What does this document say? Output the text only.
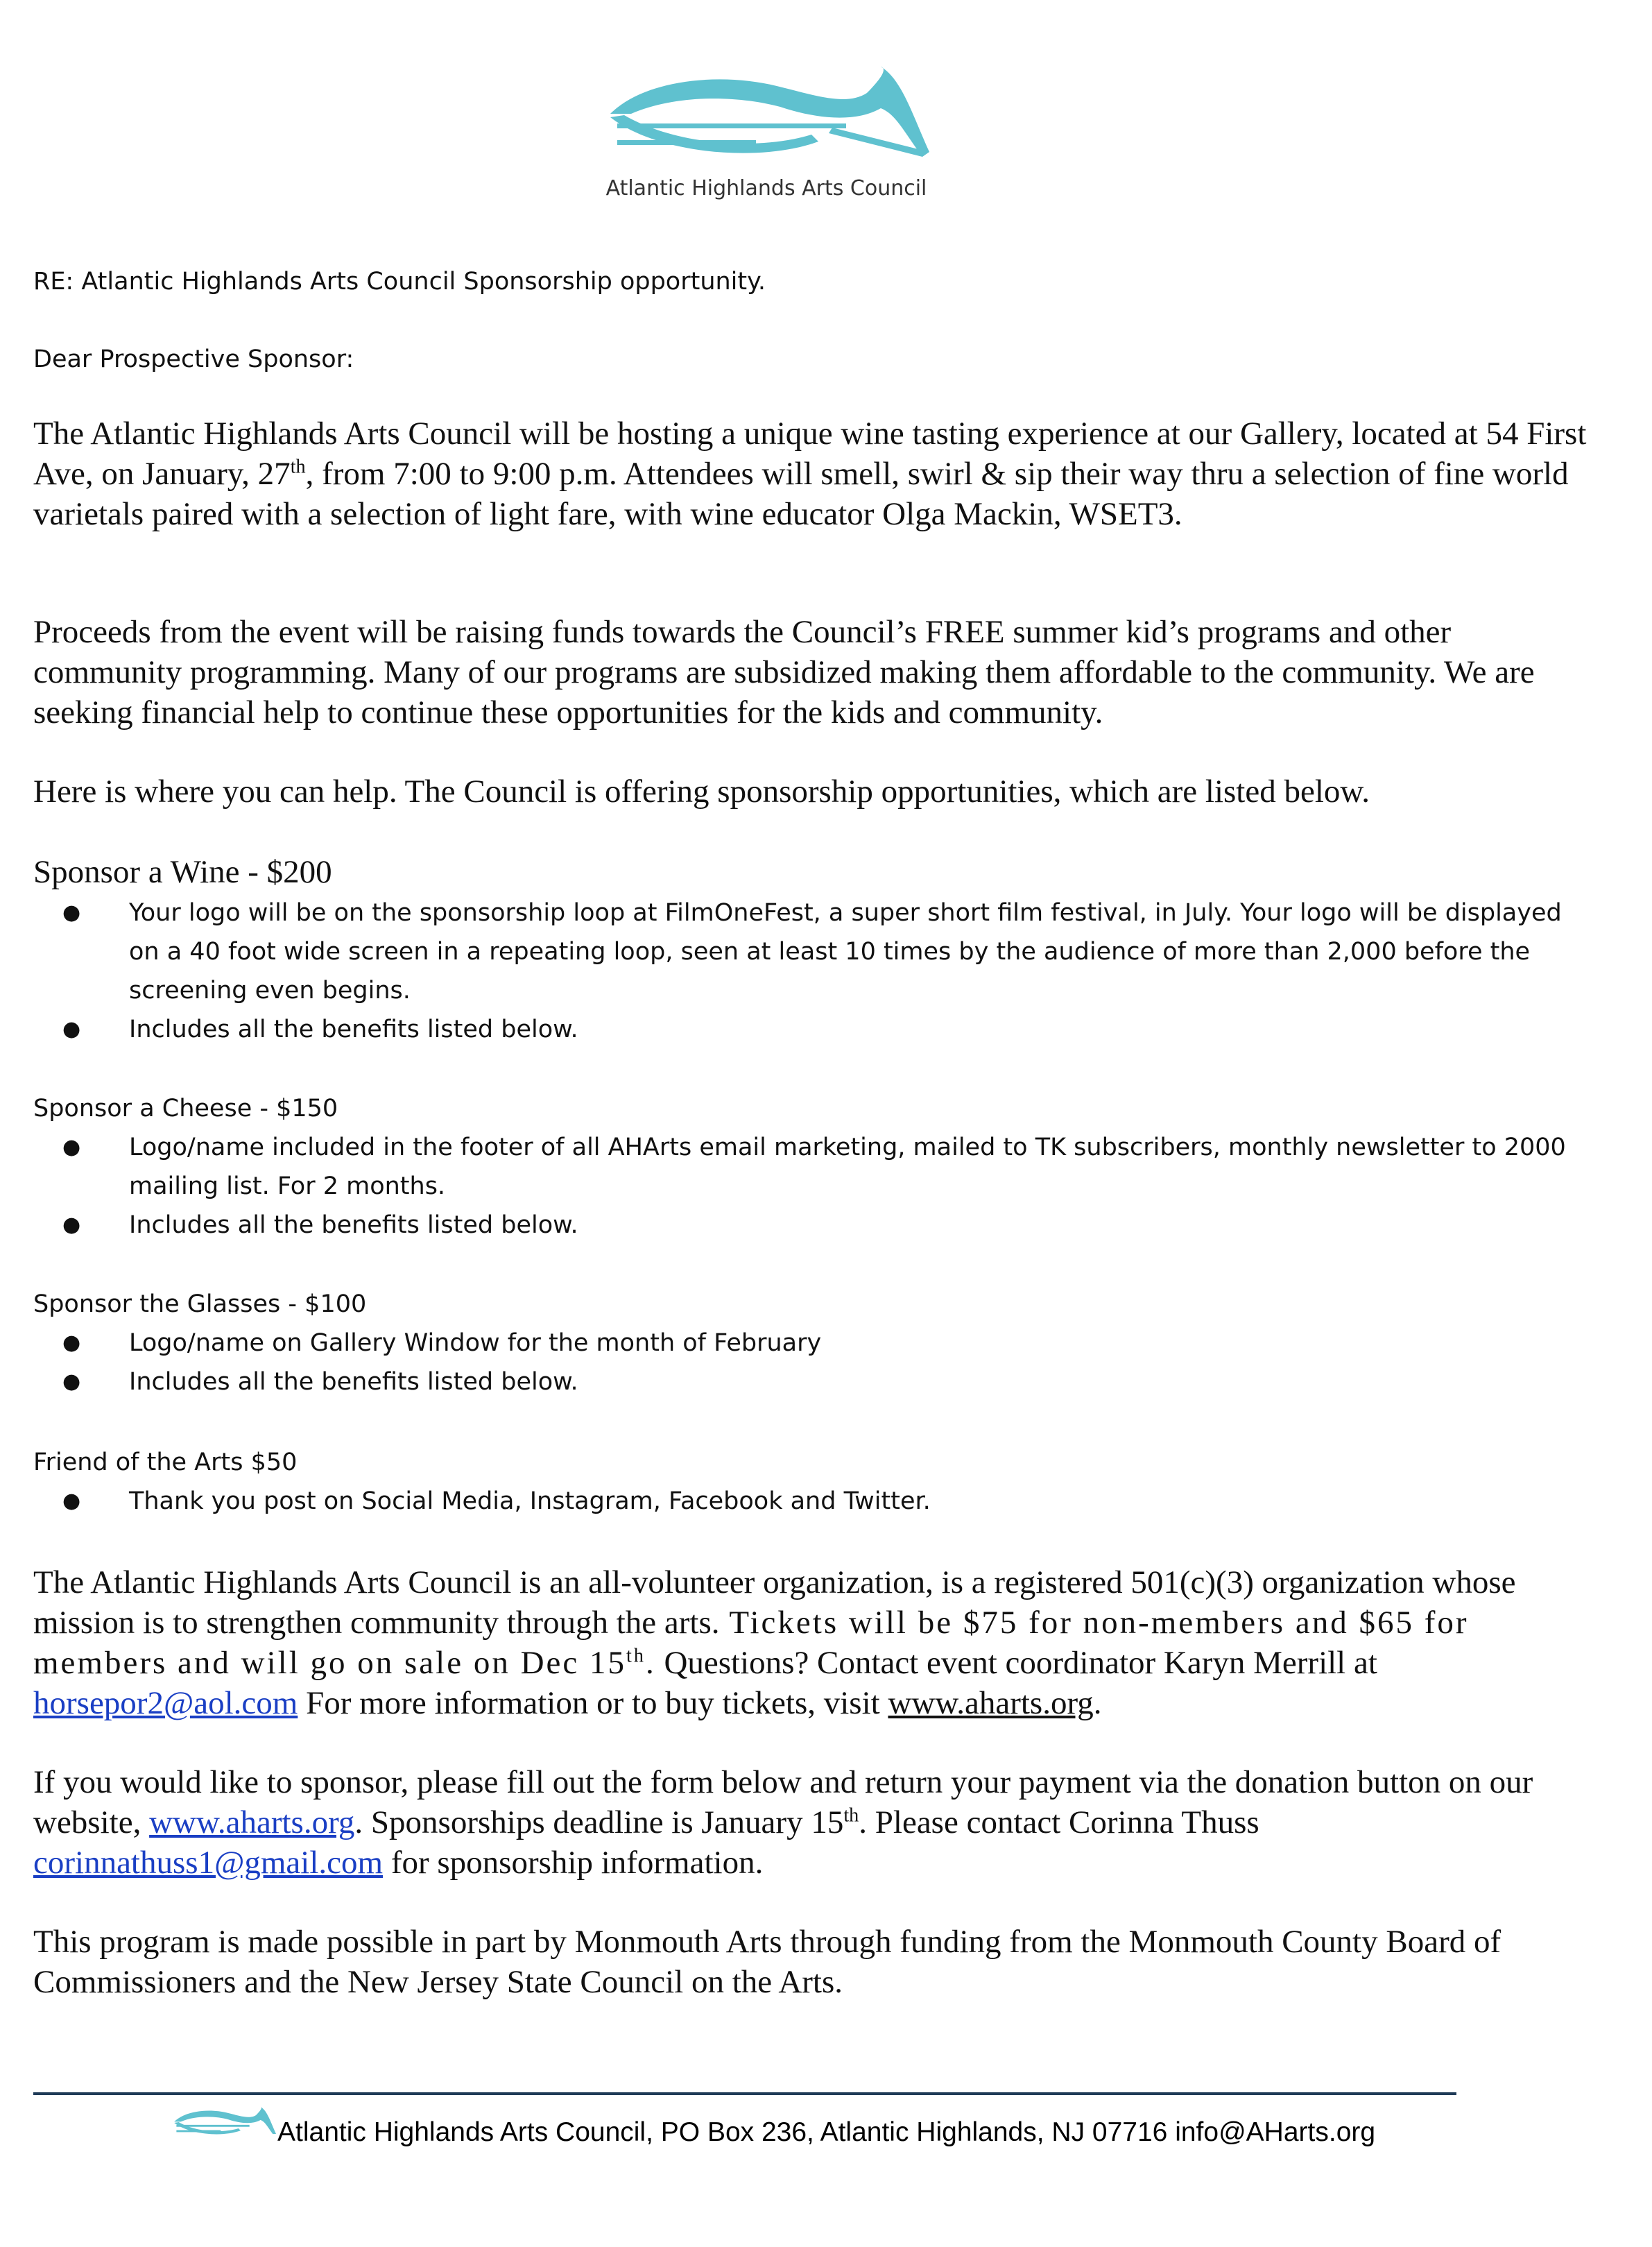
Atlantic Highlands Arts Council

RE: Atlantic Highlands Arts Council Sponsorship opportunity.

Dear Prospective Sponsor:

The Atlantic Highlands Arts Council will be hosting a unique wine tasting experience at our Gallery, located at 54 First Ave, on January, 27th, from 7:00 to 9:00 p.m. Attendees will smell, swirl & sip their way thru a selection of fine world varietals paired with a selection of light fare, with wine educator Olga Mackin, WSET3.

Proceeds from the event will be raising funds towards the Council’s FREE summer kid’s programs and other community programming. Many of our programs are subsidized making them affordable to the community. We are seeking financial help to continue these opportunities for the kids and community.

Here is where you can help. The Council is offering sponsorship opportunities, which are listed below.

Sponsor a Wine - $200

● Your logo will be on the sponsorship loop at FilmOneFest, a super short film festival, in July. Your logo will be displayed on a 40 foot wide screen in a repeating loop, seen at least 10 times by the audience of more than 2,000 before the screening even begins.
● Includes all the benefits listed below.

Sponsor a Cheese - $150

● Logo/name included in the footer of all AHArts email marketing, mailed to TK subscribers, monthly newsletter to 2000 mailing list. For 2 months.
● Includes all the benefits listed below.

Sponsor the Glasses - $100

● Logo/name on Gallery Window for the month of February
● Includes all the benefits listed below.

Friend of the Arts $50

● Thank you post on Social Media, Instagram, Facebook and Twitter.

The Atlantic Highlands Arts Council is an all-volunteer organization, is a registered 501(c)(3) organization whose mission is to strengthen community through the arts. Tickets will be $75 for non-members and $65 for members and will go on sale on Dec 15th. Questions? Contact event coordinator Karyn Merrill at horsepor2@aol.com For more information or to buy tickets, visit www.aharts.org.

If you would like to sponsor, please fill out the form below and return your payment via the donation button on our website, www.aharts.org. Sponsorships deadline is January 15th. Please contact Corinna Thuss corinnathuss1@gmail.com for sponsorship information.

This program is made possible in part by Monmouth Arts through funding from the Monmouth County Board of Commissioners and the New Jersey State Council on the Arts.

Atlantic Highlands Arts Council, PO Box 236, Atlantic Highlands, NJ 07716 info@AHarts.org
